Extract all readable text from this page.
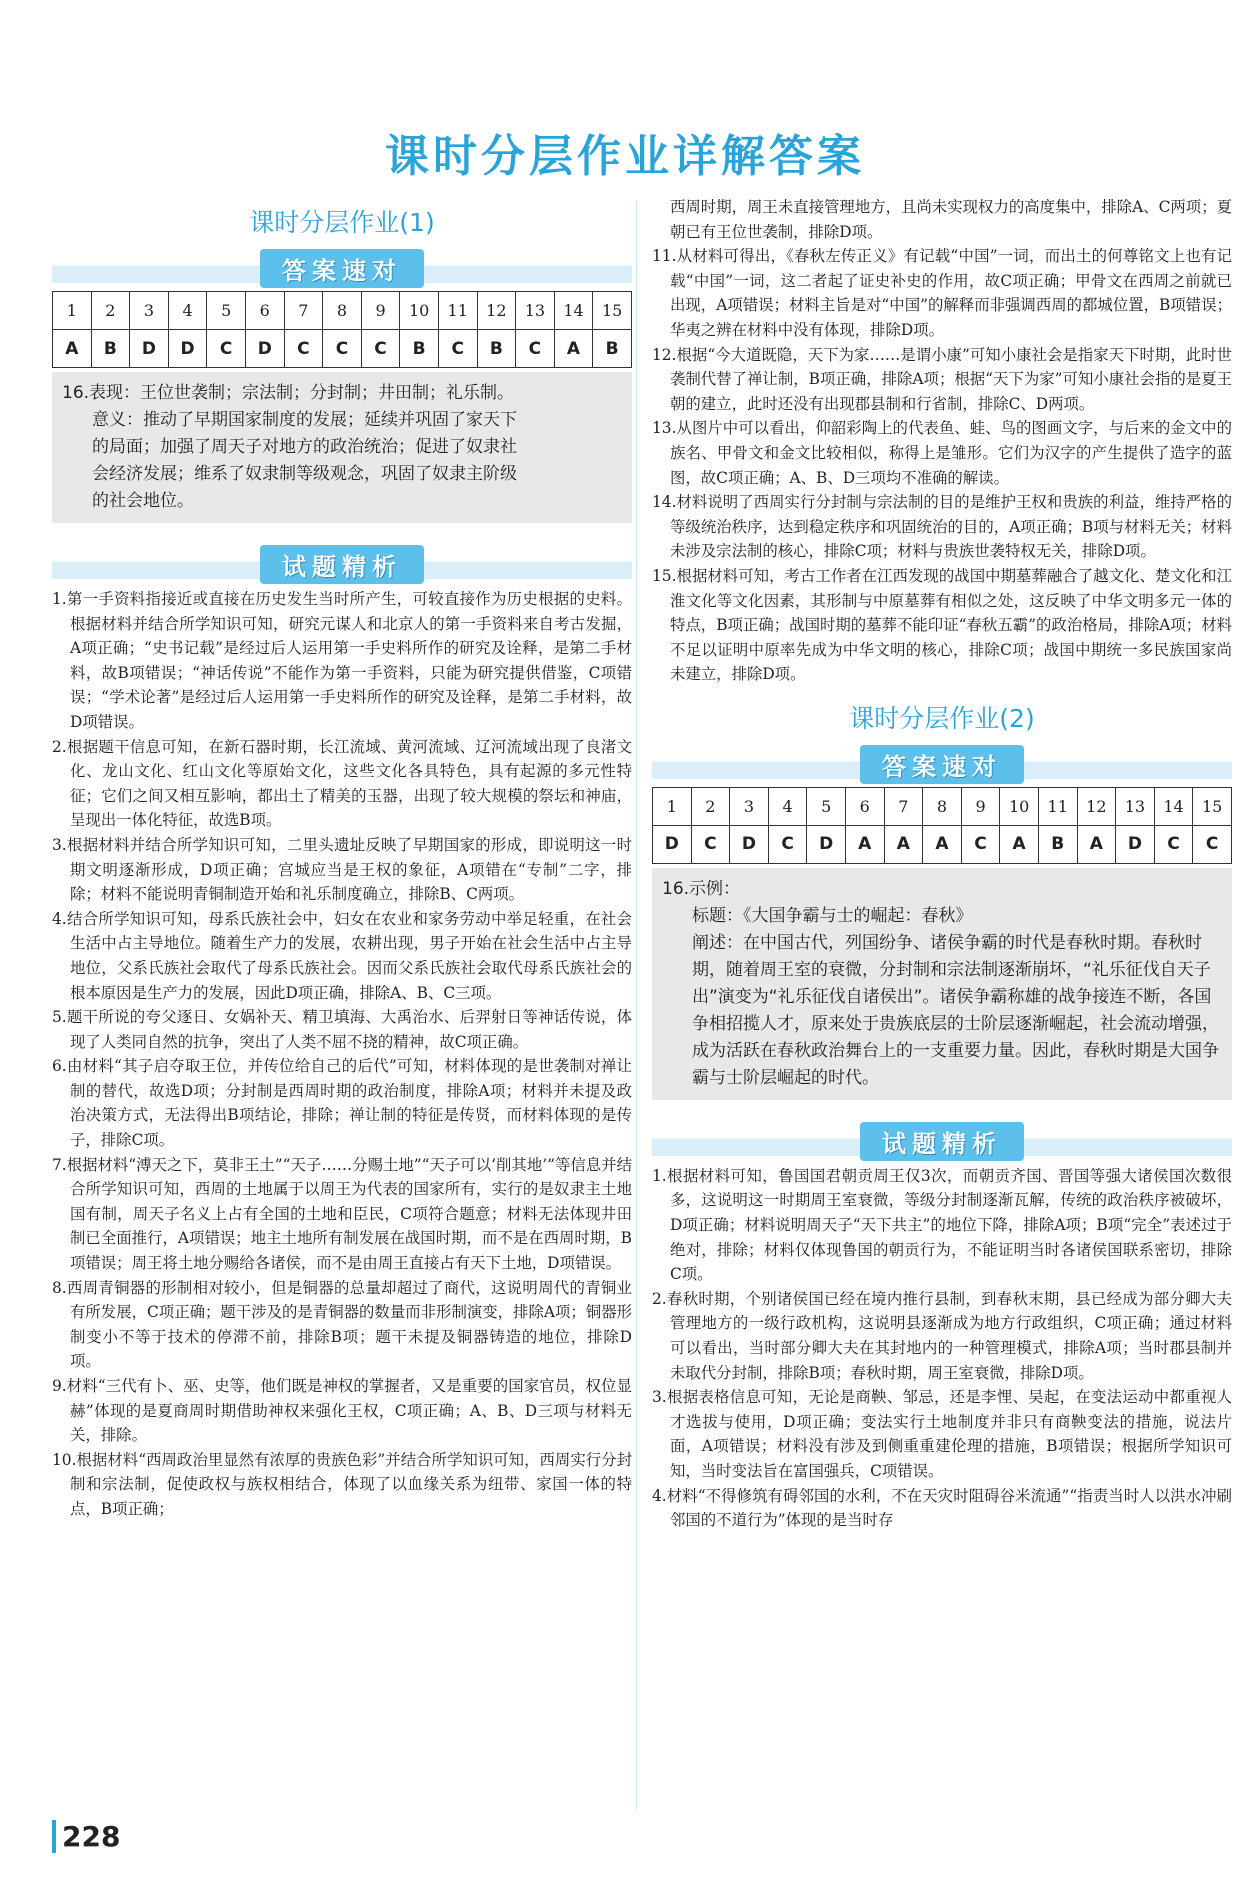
课时分层作业详解答案
课时分层作业(1)
答案速对
1	2	3	4	5	6	7	8	9	10	11	12	13	14	15
A	B	D	D	C	D	C	C	C	B	C	B	C	A	B
16.表现：王位世袭制；宗法制；分封制；井田制；礼乐制。
意义：推动了早期国家制度的发展；延续并巩固了家天下
的局面；加强了周天子对地方的政治统治；促进了奴隶社
会经济发展；维系了奴隶制等级观念，巩固了奴隶主阶级
的社会地位。
试题精析

1.第一手资料指接近或直接在历史发生当时所产生，可较直接作为历史根据的史料。根据材料并结合所学知识可知，研究元谋人和北京人的第一手资料来自考古发掘，A项正确；“史书记载”是经过后人运用第一手史料所作的研究及诠释，是第二手材料，故B项错误；“神话传说”不能作为第一手资料，只能为研究提供借鉴，C项错误；“学术论著”是经过后人运用第一手史料所作的研究及诠释，是第二手材料，故D项错误。

2.根据题干信息可知，在新石器时期，长江流域、黄河流域、辽河流域出现了良渚文化、龙山文化、红山文化等原始文化，这些文化各具特色，具有起源的多元性特征；它们之间又相互影响，都出土了精美的玉器，出现了较大规模的祭坛和神庙，呈现出一体化特征，故选B项。

3.根据材料并结合所学知识可知，二里头遗址反映了早期国家的形成，即说明这一时期文明逐渐形成，D项正确；宫城应当是王权的象征，A项错在“专制”二字，排除；材料不能说明青铜制造开始和礼乐制度确立，排除B、C两项。

4.结合所学知识可知，母系氏族社会中，妇女在农业和家务劳动中举足轻重，在社会生活中占主导地位。随着生产力的发展，农耕出现，男子开始在社会生活中占主导地位，父系氏族社会取代了母系氏族社会。因而父系氏族社会取代母系氏族社会的根本原因是生产力的发展，因此D项正确，排除A、B、C三项。

5.题干所说的夸父逐日、女娲补天、精卫填海、大禹治水、后羿射日等神话传说，体现了人类同自然的抗争，突出了人类不屈不挠的精神，故C项正确。

6.由材料“其子启夺取王位，并传位给自己的后代”可知，材料体现的是世袭制对禅让制的替代，故选D项；分封制是西周时期的政治制度，排除A项；材料并未提及政治决策方式，无法得出B项结论，排除；禅让制的特征是传贤，而材料体现的是传子，排除C项。

7.根据材料“溥天之下，莫非王土”“天子……分赐土地”“天子可以‘削其地’”等信息并结合所学知识可知，西周的土地属于以周王为代表的国家所有，实行的是奴隶主土地国有制，周天子名义上占有全国的土地和臣民，C项符合题意；材料无法体现井田制已全面推行，A项错误；地主土地所有制发展在战国时期，而不是在西周时期，B项错误；周王将土地分赐给各诸侯，而不是由周王直接占有天下土地，D项错误。

8.西周青铜器的形制相对较小，但是铜器的总量却超过了商代，这说明周代的青铜业有所发展，C项正确；题干涉及的是青铜器的数量而非形制演变，排除A项；铜器形制变小不等于技术的停滞不前，排除B项；题干未提及铜器铸造的地位，排除D项。

9.材料“三代有卜、巫、史等，他们既是神权的掌握者，又是重要的国家官员，权位显赫”体现的是夏商周时期借助神权来强化王权，C项正确；A、B、D三项与材料无关，排除。

10.根据材料“西周政治里显然有浓厚的贵族色彩”并结合所学知识可知，西周实行分封制和宗法制，促使政权与族权相结合，体现了以血缘关系为纽带、家国一体的特点，B项正确；

西周时期，周王未直接管理地方，且尚未实现权力的高度集中，排除A、C两项；夏朝已有王位世袭制，排除D项。

11.从材料可得出，《春秋左传正义》有记载“中国”一词，而出土的何尊铭文上也有记载“中国”一词，这二者起了证史补史的作用，故C项正确；甲骨文在西周之前就已出现，A项错误；材料主旨是对“中国”的解释而非强调西周的都城位置，B项错误；华夷之辨在材料中没有体现，排除D项。

12.根据“今大道既隐，天下为家……是谓小康”可知小康社会是指家天下时期，此时世袭制代替了禅让制，B项正确，排除A项；根据“天下为家”可知小康社会指的是夏王朝的建立，此时还没有出现郡县制和行省制，排除C、D两项。

13.从图片中可以看出，仰韶彩陶上的代表鱼、蛙、鸟的图画文字，与后来的金文中的族名、甲骨文和金文比较相似，称得上是雏形。它们为汉字的产生提供了造字的蓝图，故C项正确；A、B、D三项均不准确的解读。

14.材料说明了西周实行分封制与宗法制的目的是维护王权和贵族的利益，维持严格的等级统治秩序，达到稳定秩序和巩固统治的目的，A项正确；B项与材料无关；材料未涉及宗法制的核心，排除C项；材料与贵族世袭特权无关，排除D项。

15.根据材料可知，考古工作者在江西发现的战国中期墓葬融合了越文化、楚文化和江淮文化等文化因素，其形制与中原墓葬有相似之处，这反映了中华文明多元一体的特点，B项正确；战国时期的墓葬不能印证“春秋五霸”的政治格局，排除A项；材料不足以证明中原率先成为中华文明的核心，排除C项；战国中期统一多民族国家尚未建立，排除D项。

课时分层作业(2)
答案速对
1	2	3	4	5	6	7	8	9	10	11	12	13	14	15
D	C	D	C	D	A	A	A	C	A	B	A	D	C	C
16.示例：
标题：《大国争霸与士的崛起：春秋》
阐述：在中国古代，列国纷争、诸侯争霸的时代是春秋时期。春秋时期，随着周王室的衰微，分封制和宗法制逐渐崩坏，“礼乐征伐自天子出”演变为“礼乐征伐自诸侯出”。诸侯争霸称雄的战争接连不断，各国争相招揽人才，原来处于贵族底层的士阶层逐渐崛起，社会流动增强，成为活跃在春秋政治舞台上的一支重要力量。因此，春秋时期是大国争霸与士阶层崛起的时代。
试题精析

1.根据材料可知，鲁国国君朝贡周王仅3次，而朝贡齐国、晋国等强大诸侯国次数很多，这说明这一时期周王室衰微，等级分封制逐渐瓦解，传统的政治秩序被破坏，D项正确；材料说明周天子“天下共主”的地位下降，排除A项；B项“完全”表述过于绝对，排除；材料仅体现鲁国的朝贡行为，不能证明当时各诸侯国联系密切，排除C项。

2.春秋时期，个别诸侯国已经在境内推行县制，到春秋末期，县已经成为部分卿大夫管理地方的一级行政机构，这说明县逐渐成为地方行政组织，C项正确；通过材料可以看出，当时部分卿大夫在其封地内的一种管理模式，排除A项；当时郡县制并未取代分封制，排除B项；春秋时期，周王室衰微，排除D项。

3.根据表格信息可知，无论是商鞅、邹忌，还是李悝、吴起，在变法运动中都重视人才选拔与使用，D项正确；变法实行土地制度并非只有商鞅变法的措施，说法片面，A项错误；材料没有涉及到侧重重建伦理的措施，B项错误；根据所学知识可知，当时变法旨在富国强兵，C项错误。

4.材料“不得修筑有碍邻国的水利，不在天灾时阻碍谷米流通”“指责当时人以洪水冲刷邻国的不道行为”体现的是当时存

228
